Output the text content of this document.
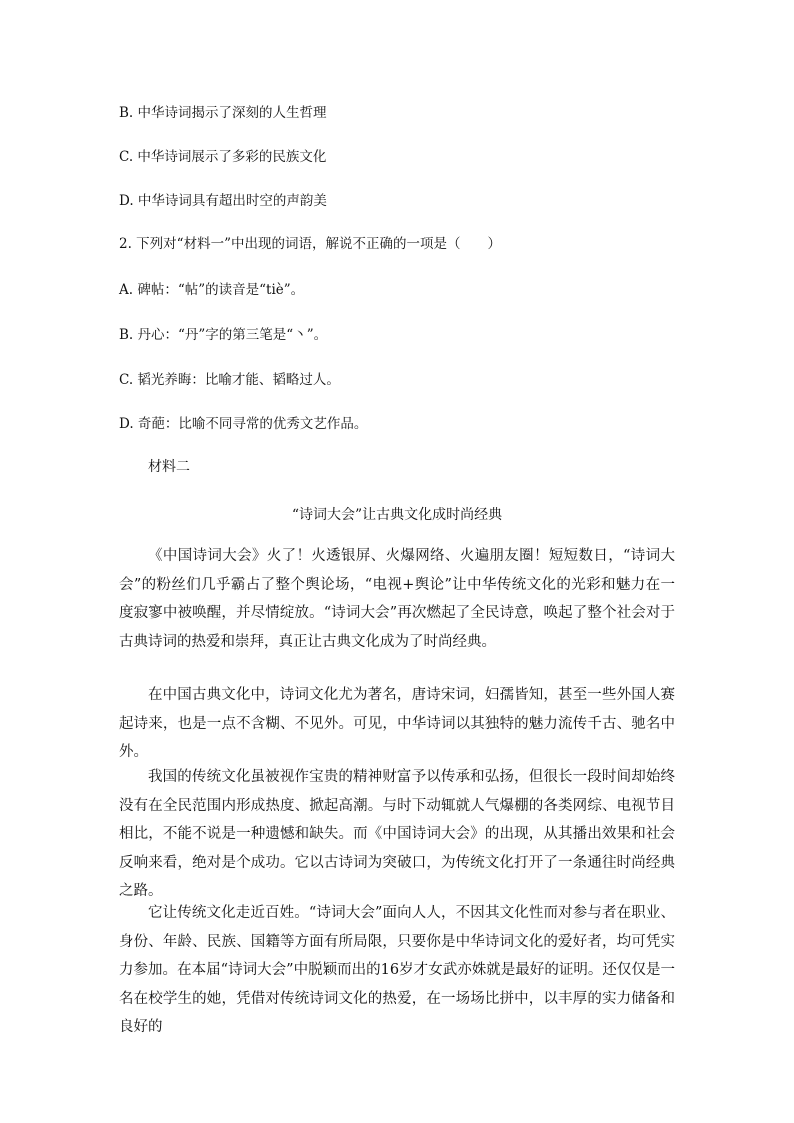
B. 中华诗词揭示了深刻的人生哲理
C. 中华诗词展示了多彩的民族文化
D. 中华诗词具有超出时空的声韵美
2. 下列对“材料一”中出现的词语，解说不正确的一项是（　　）
A. 碑帖：“帖”的读音是“tiè”。
B. 丹心：“丹”字的第三笔是“丶”。
C. 韬光养晦：比喻才能、韬略过人。
D. 奇葩：比喻不同寻常的优秀文艺作品。
材料二
“诗词大会”让古典文化成时尚经典

《中国诗词大会》火了！火透银屏、火爆网络、火遍朋友圈！短短数日，“诗词大会”的粉丝们几乎霸占了整个舆论场，“电视+舆论”让中华传统文化的光彩和魅力在一度寂寥中被唤醒，并尽情绽放。“诗词大会”再次燃起了全民诗意，唤起了整个社会对于古典诗词的热爱和崇拜，真正让古典文化成为了时尚经典。

在中国古典文化中，诗词文化尤为著名，唐诗宋词，妇孺皆知，甚至一些外国人赛起诗来，也是一点不含糊、不见外。可见，中华诗词以其独特的魅力流传千古、驰名中外。

我国的传统文化虽被视作宝贵的精神财富予以传承和弘扬，但很长一段时间却始终没有在全民范围内形成热度、掀起高潮。与时下动辄就人气爆棚的各类网综、电视节目相比，不能不说是一种遗憾和缺失。而《中国诗词大会》的出现，从其播出效果和社会反响来看，绝对是个成功。它以古诗词为突破口，为传统文化打开了一条通往时尚经典之路。

它让传统文化走近百姓。“诗词大会”面向人人，不因其文化性而对参与者在职业、身份、年龄、民族、国籍等方面有所局限，只要你是中华诗词文化的爱好者，均可凭实力参加。在本届“诗词大会”中脱颖而出的16岁才女武亦姝就是最好的证明。还仅仅是一名在校学生的她，凭借对传统诗词文化的热爱，在一场场比拼中，以丰厚的实力储备和良好的
